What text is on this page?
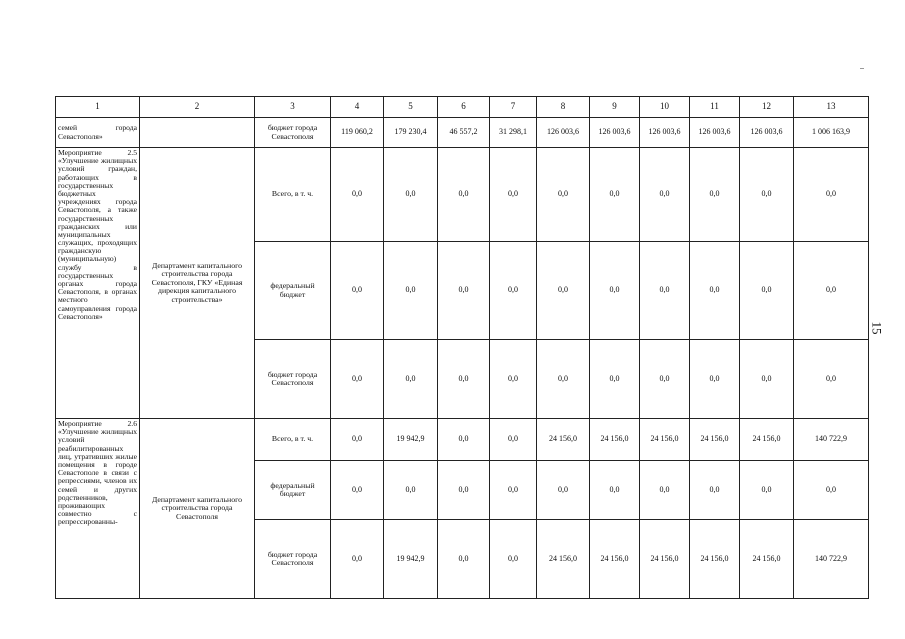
1	2	3	4	5	6	7	8	9	10	11	12	13
семей города Севастополя»		бюджет города Севастополя	119 060,2	179 230,4	46 557,2	31 298,1	126 003,6	126 003,6	126 003,6	126 003,6	126 003,6	1 006 163,9
Мероприятие 2.5 «Улучшение жилищных условий граждан, работающих в государственных бюджетных учреждениях города Севастополя, а также государственных гражданских или муниципальных служащих, проходящих гражданскую (муниципальную) службу в государственных органах города Севастополя, в органах местного самоуправления города Севастополя»	Департамент капитального строительства города Севастополя, ГКУ «Единая дирекция капитального строительства»	Всего, в т. ч.	0,0	0,0	0,0	0,0	0,0	0,0	0,0	0,0	0,0	0,0
		федеральный бюджет	0,0	0,0	0,0	0,0	0,0	0,0	0,0	0,0	0,0	0,0
		бюджет города Севастополя	0,0	0,0	0,0	0,0	0,0	0,0	0,0	0,0	0,0	0,0
Мероприятие 2.6 «Улучшение жилищных условий реабилитированных лиц, утративших жилые помещения в городе Севастополе в связи с репрессиями, членов их семей и других родственников, проживающих совместно с репрессированны-	Департамент капитального строительства города Севастополя	Всего, в т. ч.	0,0	19 942,9	0,0	0,0	24 156,0	24 156,0	24 156,0	24 156,0	24 156,0	140 722,9
		федеральный бюджет	0,0	0,0	0,0	0,0	0,0	0,0	0,0	0,0	0,0	0,0
		бюджет города Севастополя	0,0	19 942,9	0,0	0,0	24 156,0	24 156,0	24 156,0	24 156,0	24 156,0	140 722,9
15
